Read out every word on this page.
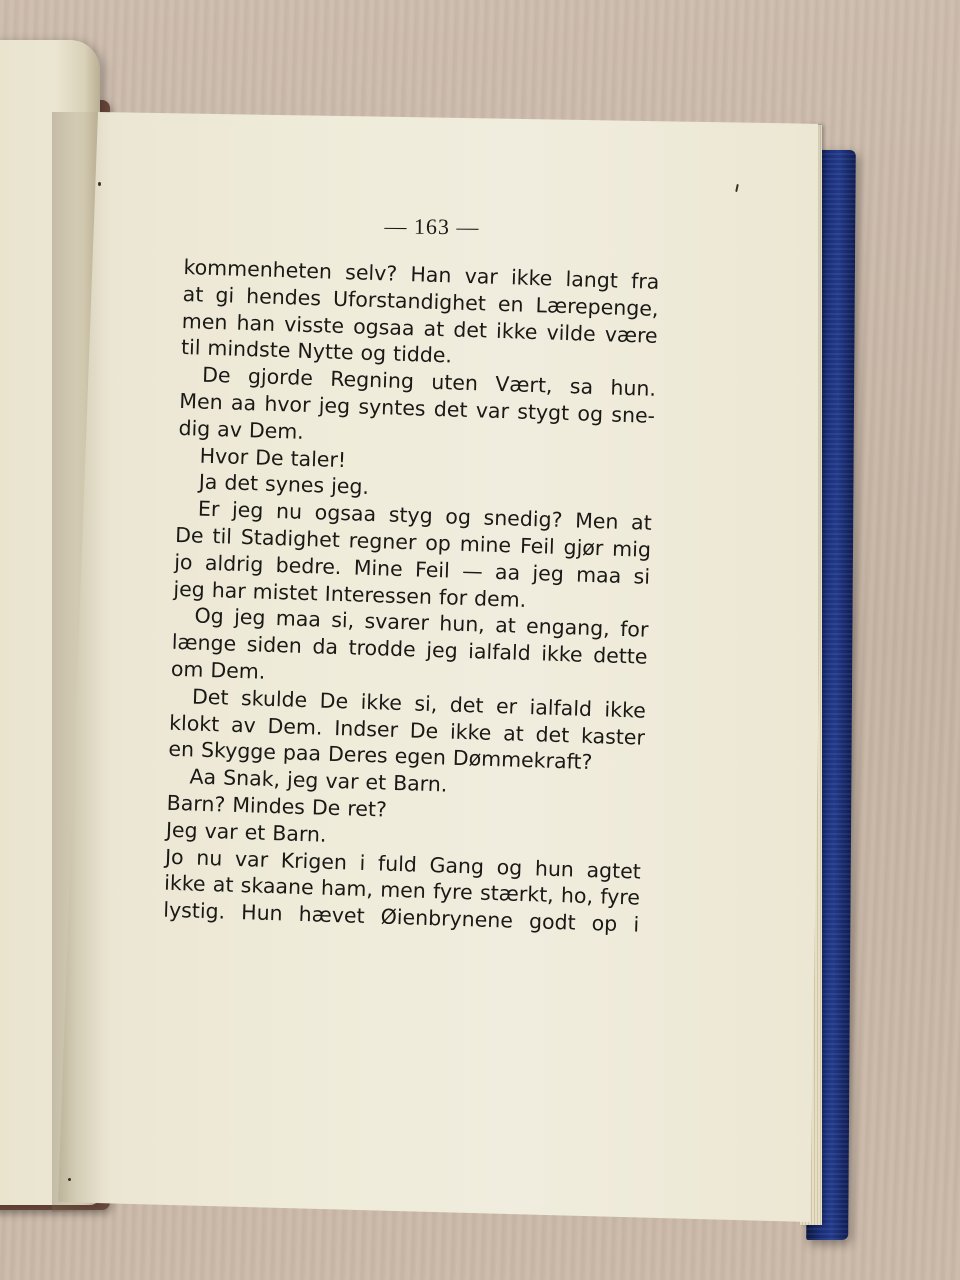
— 163 —
kommenheten selv? Han var ikke langt fra
at gi hendes Uforstandighet en Lærepenge,
men han visste ogsaa at det ikke vilde være
til mindste Nytte og tidde.
De gjorde Regning uten Vært, sa hun.
Men aa hvor jeg syntes det var stygt og sne-
dig av Dem.
Hvor De taler!
Ja det synes jeg.
Er jeg nu ogsaa styg og snedig? Men at
De til Stadighet regner op mine Feil gjør mig
jo aldrig bedre. Mine Feil — aa jeg maa si
jeg har mistet Interessen for dem.
Og jeg maa si, svarer hun, at engang, for
længe siden da trodde jeg ialfald ikke dette
om Dem.
Det skulde De ikke si, det er ialfald ikke
klokt av Dem. Indser De ikke at det kaster
en Skygge paa Deres egen Dømmekraft?
Aa Snak, jeg var et Barn.
Barn? Mindes De ret?
Jeg var et Barn.
Jo nu var Krigen i fuld Gang og hun agtet
ikke at skaane ham, men fyre stærkt, ho, fyre
lystig. Hun hævet Øienbrynene godt op i
